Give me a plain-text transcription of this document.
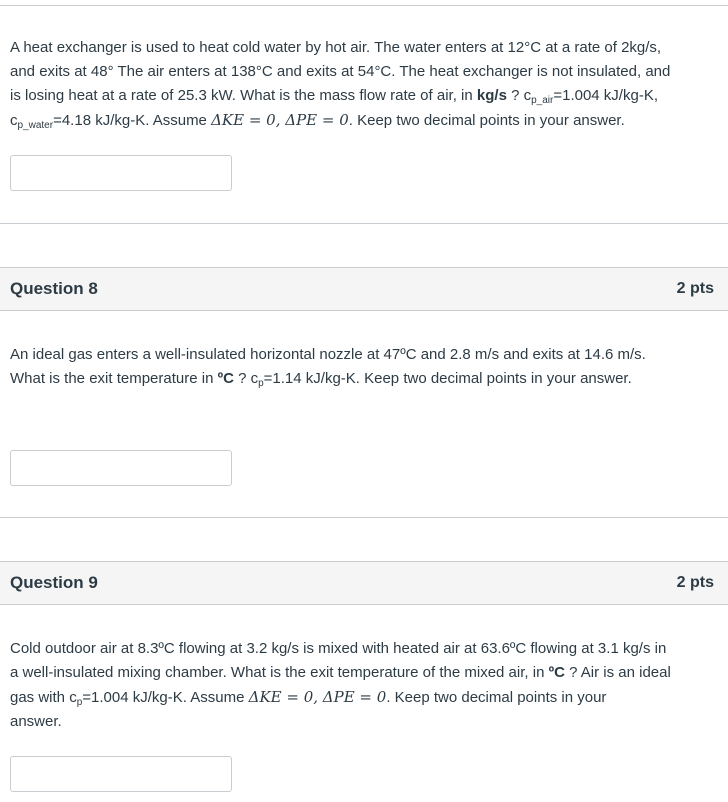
A heat exchanger is used to heat cold water by hot air. The water enters at 12°C at a rate of 2kg/s,
and exits at 48° The air enters at 138°C and exits at 54°C. The heat exchanger is not insulated, and
is losing heat at a rate of 25.3 kW. What is the mass flow rate of air, in kg/s ? $c_{p\_air}=1.004$ kJ/kg-K,
$c_{p\_water}=4.18$ kJ/kg-K. Assume ΔKE = 0, ΔPE = 0. Keep two decimal points in your answer.

Question 8	2 pts

An ideal gas enters a well-insulated horizontal nozzle at 47ºC and 2.8 m/s and exits at 14.6 m/s.
What is the exit temperature in ºC ? $c_p=1.14$ kJ/kg-K. Keep two decimal points in your answer.

Question 9	2 pts

Cold outdoor air at 8.3ºC flowing at 3.2 kg/s is mixed with heated air at 63.6ºC flowing at 3.1 kg/s in
a well-insulated mixing chamber. What is the exit temperature of the mixed air, in ºC ? Air is an ideal
gas with $c_p=1.004$ kJ/kg-K. Assume ΔKE = 0, ΔPE = 0. Keep two decimal points in your
answer.
